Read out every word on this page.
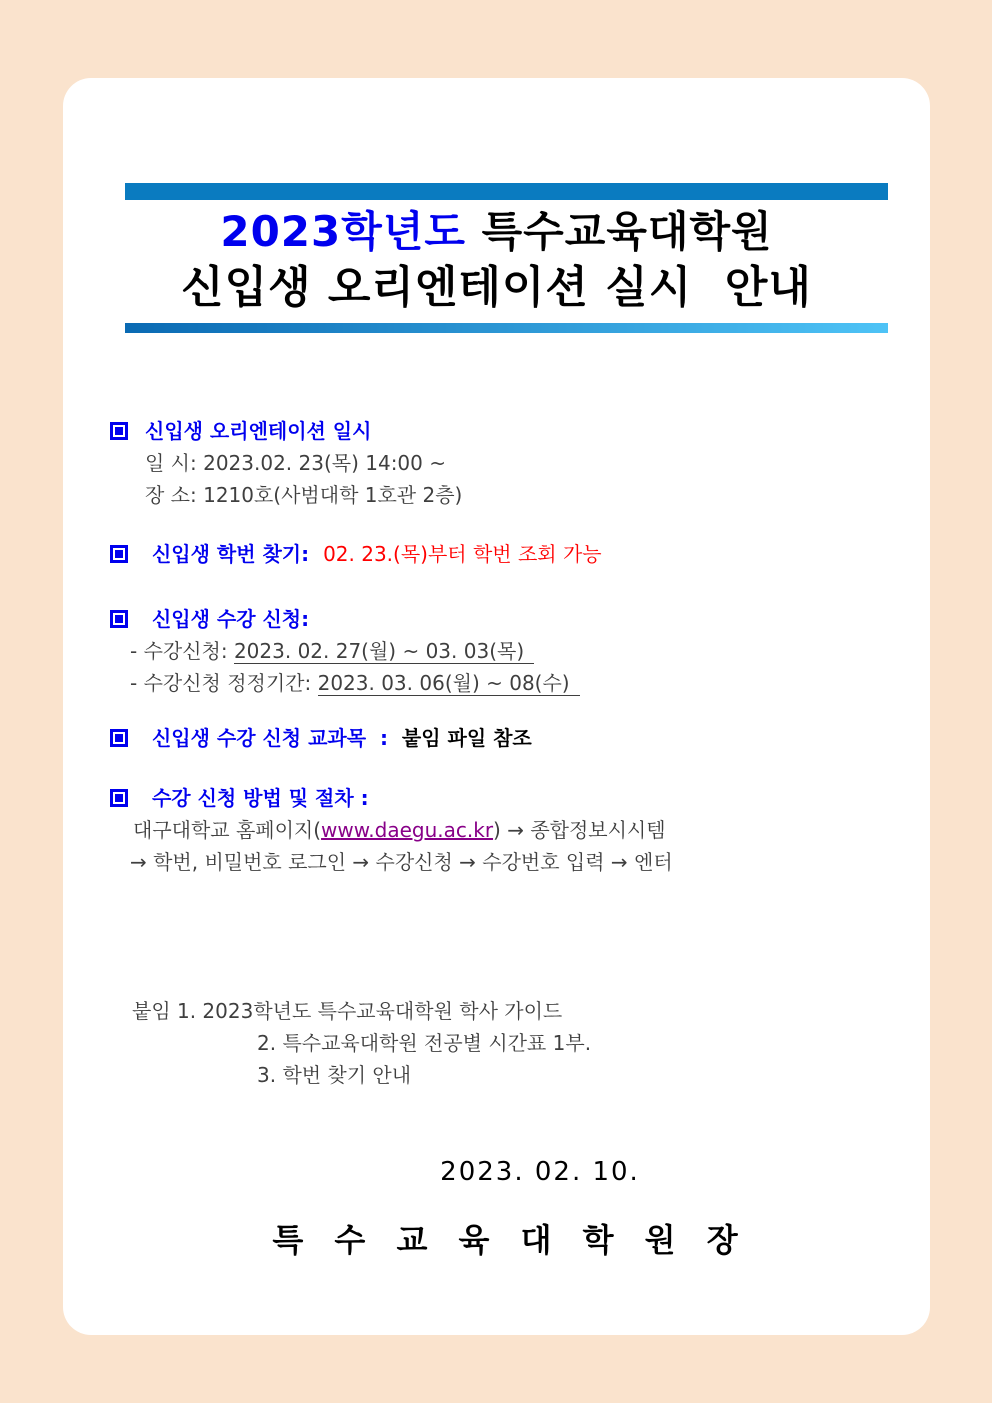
2023학년도 특수교육대학원
신입생 오리엔테이션 실시  안내
신입생 오리엔테이션 일시
일 시: 2023.02. 23(목) 14:00 ~
장 소: 1210호(사범대학 1호관 2층)
신입생 학번 찾기:  02. 23.(목)부터 학번 조회 가능
신입생 수강 신청:
- 수강신청: 2023. 02. 27(월) ~ 03. 03(목)
- 수강신청 정정기간: 2023. 03. 06(월) ~ 08(수)
신입생 수강 신청 교과목  :  붙임 파일 참조
수강 신청 방법 및 절차 :
대구대학교 홈페이지(www.daegu.ac.kr) → 종합정보시시템
→ 학번, 비밀번호 로그인 → 수강신청 → 수강번호 입력 → 엔터
붙임 1. 2023학년도 특수교육대학원 학사 가이드
2. 특수교육대학원 전공별 시간표 1부.
3. 학번 찾기 안내
2023. 02. 10.
특 수 교 육 대 학 원 장
